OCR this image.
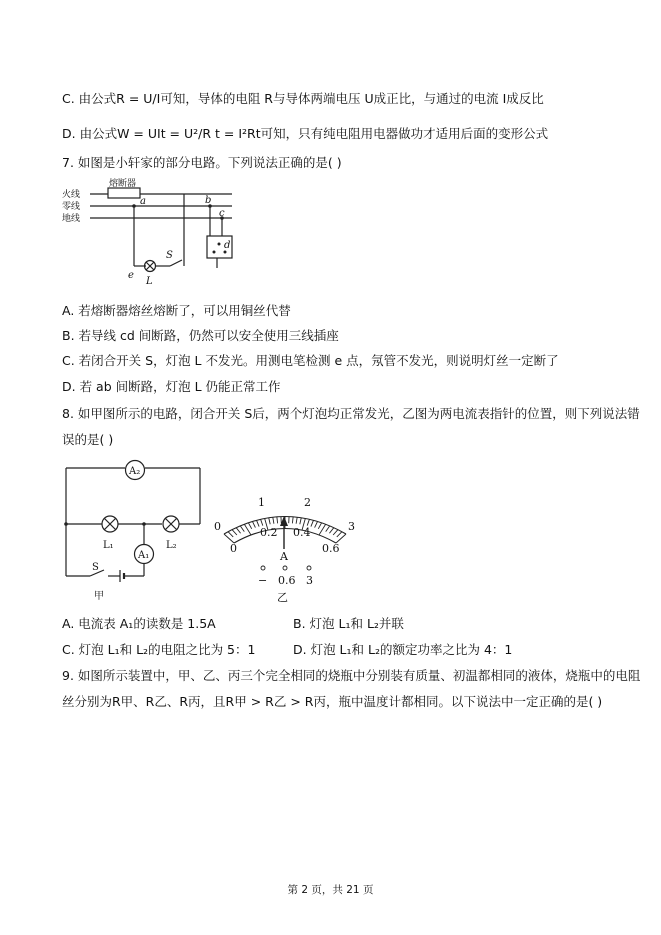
C. 由公式R = U/I可知，导体的电阻 R与导体两端电压 U成正比，与通过的电流 I成反比
D. 由公式W = UIt = U²/R t = I²Rt可知，只有纯电阻用电器做功才适用后面的变形公式
7. 如图是小轩家的部分电路。下列说法正确的是( )
火线
零线
地线
熔断器
a	b
c
d
e
S
L
A. 若熔断器熔丝熔断了，可以用铜丝代替
B. 若导线 cd 间断路，仍然可以安全使用三线插座
C. 若闭合开关 S，灯泡 L 不发光。用测电笔检测 e 点，氖管不发光，则说明灯丝一定断了
D. 若 ab 间断路，灯泡 L 仍能正常工作
8. 如甲图所示的电路，闭合开关 S后，两个灯泡均正常发光，乙图为两电流表指针的位置，则下列说法错
误的是( )
A₂
A₁
L₁	L₂
S
甲
0
1	2
3
0
0.2 0.4
0.6
A
− 0.6 3
乙
A. 电流表 A₁的读数是 1.5A	B. 灯泡 L₁和 L₂并联
C. 灯泡 L₁和 L₂的电阻之比为 5：1	D. 灯泡 L₁和 L₂的额定功率之比为 4：1
9. 如图所示装置中，甲、乙、丙三个完全相同的烧瓶中分别装有质量、初温都相同的液体，烧瓶中的电阻
丝分别为R甲、R乙、R丙，且R甲 > R乙 > R丙，瓶中温度计都相同。以下说法中一定正确的是( )
第 2 页，共 21 页
